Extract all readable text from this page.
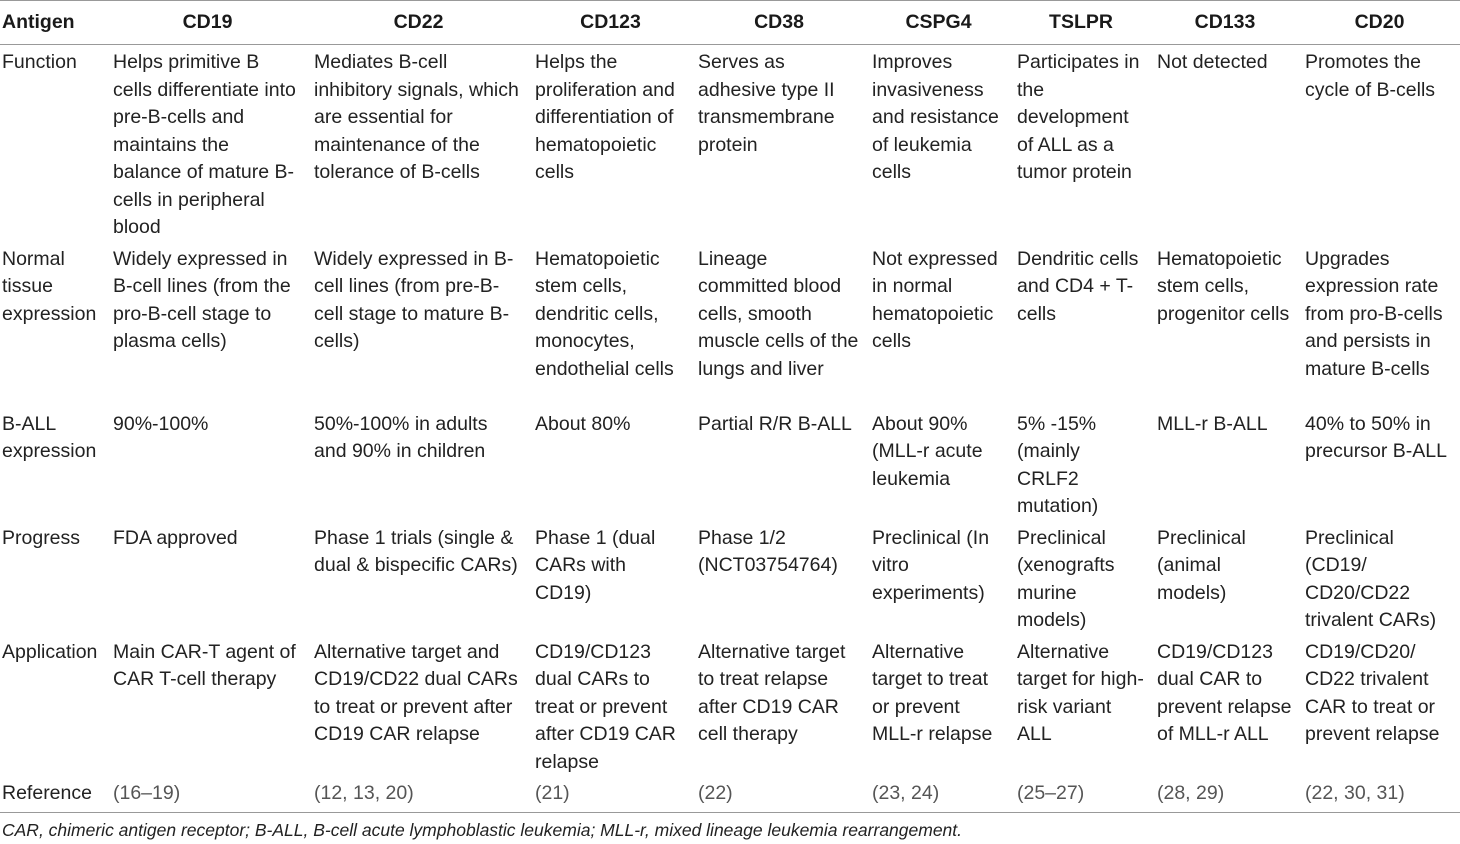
Antigen	CD19	CD22	CD123	CD38	CSPG4	TSLPR	CD133	CD20
Function	Helps primitive B cells differentiate into pre-B-cells and maintains the balance of mature B-cells in peripheral blood	Mediates B-cell inhibitory signals, which are essential for maintenance of the tolerance of B-cells	Helps the proliferation and differentiation of hematopoietic cells	Serves as adhesive type II transmembrane protein	Improves invasiveness and resistance of leukemia cells	Participates in the development of ALL as a tumor protein	Not detected	Promotes the cycle of B-cells
Normal tissue expression	Widely expressed in B-cell lines (from the pro-B-cell stage to plasma cells)	Widely expressed in B-cell lines (from pre-B-cell stage to mature B-cells)	Hematopoietic stem cells, dendritic cells, monocytes, endothelial cells	Lineage committed blood cells, smooth muscle cells of the lungs and liver	Not expressed in normal hematopoietic cells	Dendritic cells and CD4 + T-cells	Hematopoietic stem cells, progenitor cells	Upgrades expression rate from pro-B-cells and persists in mature B-cells
B-ALL expression	90%-100%	50%-100% in adults and 90% in children	About 80%	Partial R/R B-ALL	About 90% (MLL-r acute leukemia	5% -15% (mainly CRLF2 mutation)	MLL-r B-ALL	40% to 50% in precursor B-ALL
Progress	FDA approved	Phase 1 trials (single & dual & bispecific CARs)	Phase 1 (dual CARs with CD19)	Phase 1/2 (NCT03754764)	Preclinical (In vitro experiments)	Preclinical (xenografts murine models)	Preclinical (animal models)	Preclinical (CD19/ CD20/CD22 trivalent CARs)
Application	Main CAR-T agent of CAR T-cell therapy	Alternative target and CD19/CD22 dual CARs to treat or prevent after CD19 CAR relapse	CD19/CD123 dual CARs to treat or prevent after CD19 CAR relapse	Alternative target to treat relapse after CD19 CAR cell therapy	Alternative target to treat or prevent MLL-r relapse	Alternative target for high-risk variant ALL	CD19/CD123 dual CAR to prevent relapse of MLL-r ALL	CD19/CD20/ CD22 trivalent CAR to treat or prevent relapse
Reference	(16–19)	(12, 13, 20)	(21)	(22)	(23, 24)	(25–27)	(28, 29)	(22, 30, 31)
CAR, chimeric antigen receptor; B-ALL, B-cell acute lymphoblastic leukemia; MLL-r, mixed lineage leukemia rearrangement.
